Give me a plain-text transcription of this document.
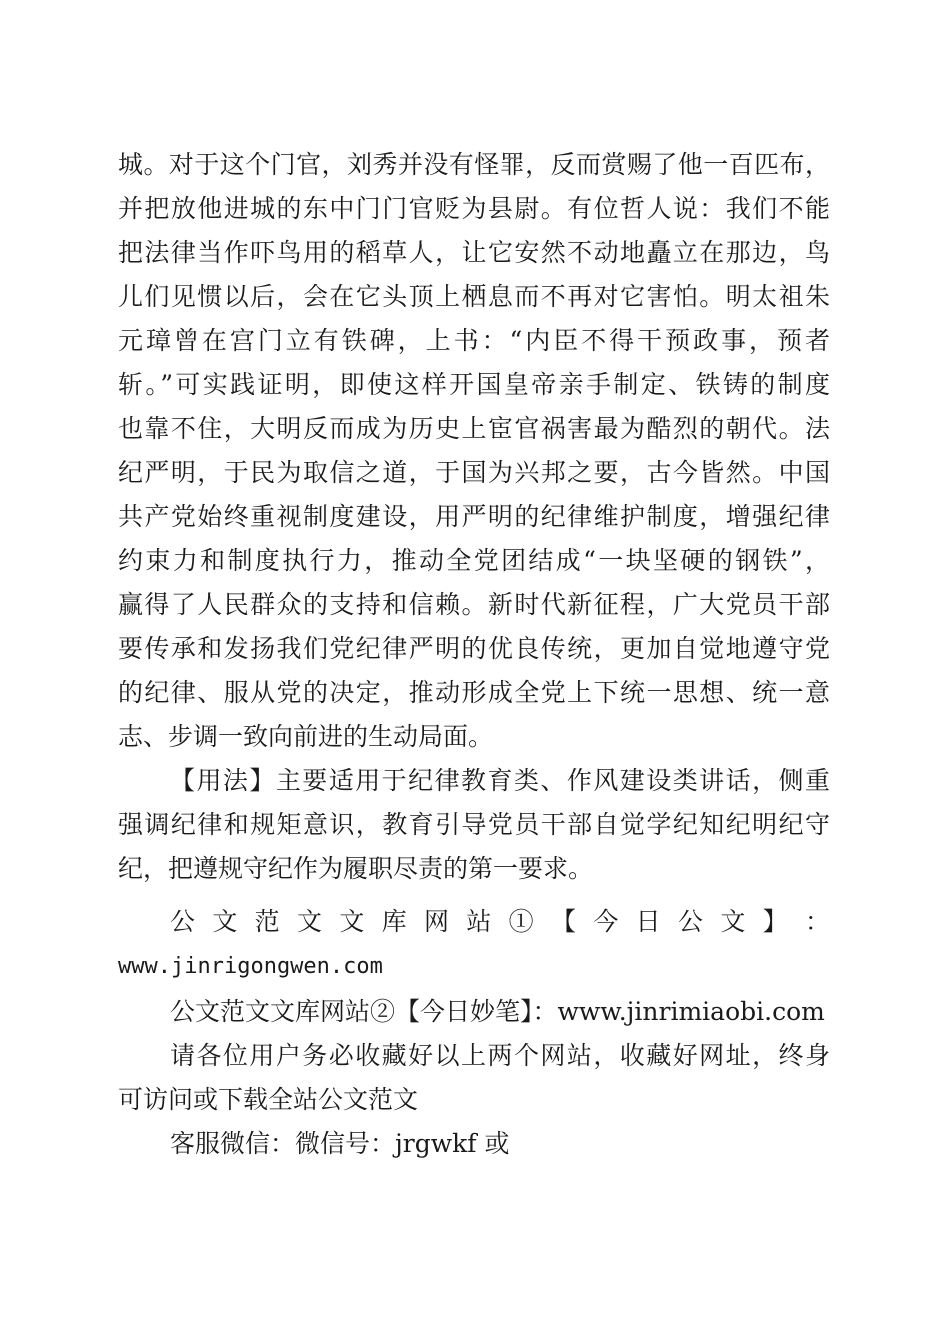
城。对于这个门官，刘秀并没有怪罪，反而赏赐了他一百匹布，
并把放他进城的东中门门官贬为县尉。有位哲人说：我们不能
把法律当作吓鸟用的稻草人，让它安然不动地矗立在那边，鸟
儿们见惯以后，会在它头顶上栖息而不再对它害怕。明太祖朱
元璋曾在宫门立有铁碑，上书：“内臣不得干预政事，预者
斩。”可实践证明，即使这样开国皇帝亲手制定、铁铸的制度
也靠不住，大明反而成为历史上宦官祸害最为酷烈的朝代。法
纪严明，于民为取信之道，于国为兴邦之要，古今皆然。中国
共产党始终重视制度建设，用严明的纪律维护制度，增强纪律
约束力和制度执行力，推动全党团结成“一块坚硬的钢铁”，
赢得了人民群众的支持和信赖。新时代新征程，广大党员干部
要传承和发扬我们党纪律严明的优良传统，更加自觉地遵守党
的纪律、服从党的决定，推动形成全党上下统一思想、统一意
志、步调一致向前进的生动局面。
【用法】主要适用于纪律教育类、作风建设类讲话，侧重
强调纪律和规矩意识，教育引导党员干部自觉学纪知纪明纪守
纪，把遵规守纪作为履职尽责的第一要求。
公 文 范 文 文 库 网 站 ① 【 今 日 公 文 】 ：
www.jinrigongwen.com
公文范文文库网站②【今日妙笔】：www.jinrimiaobi.com
请各位用户务必收藏好以上两个网站，收藏好网址，终身
可访问或下载全站公文范文
客服微信：微信号：jrgwkf 或
